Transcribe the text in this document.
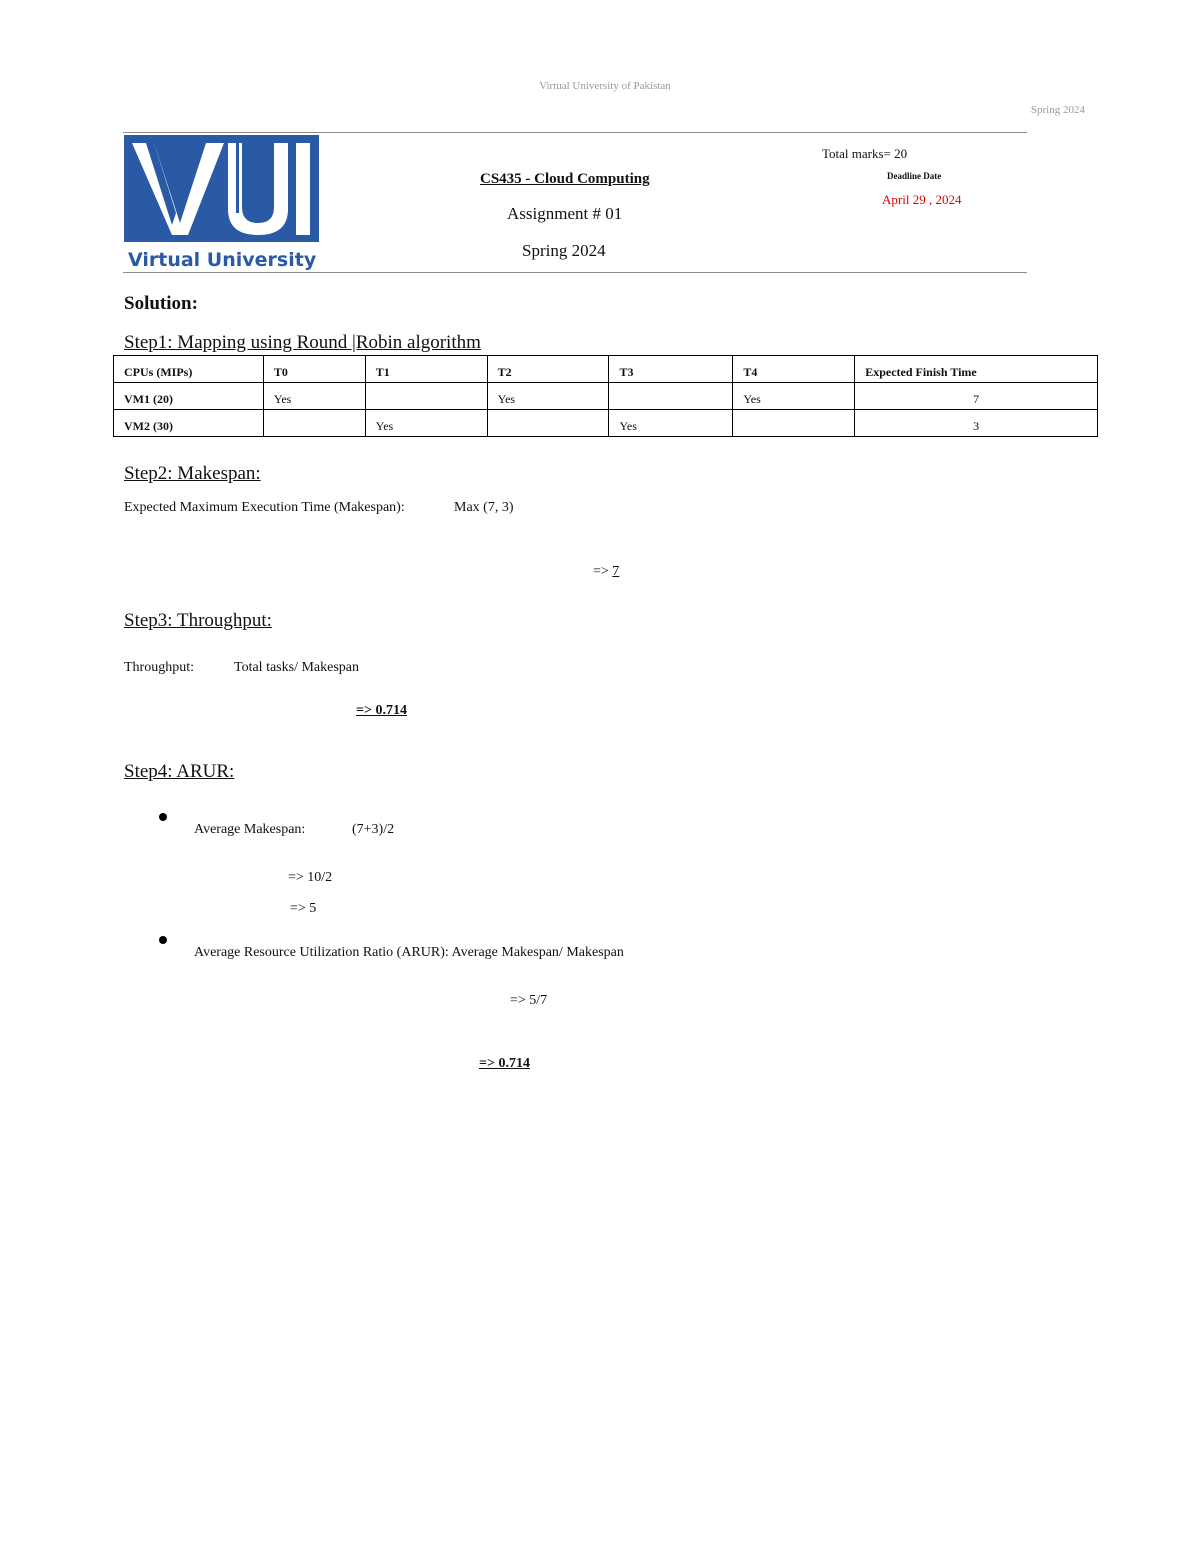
Virtual University of Pakistan
Spring 2024
Virtual University
CS435 - Cloud Computing
Assignment # 01
Spring 2024
Total marks= 20
Deadline Date
April 29 , 2024
Solution:
Step1: Mapping using Round |Robin algorithm
CPUs (MIPs)	T0	T1	T2	T3	T4	Expected Finish Time
VM1 (20)	Yes		Yes		Yes	7
VM2 (30)		Yes		Yes		3
Step2: Makespan:
Expected Maximum Execution Time (Makespan):	Max (7, 3)
=> 7
Step3: Throughput:
Throughput:	Total tasks/ Makespan
=> 0.714
Step4: ARUR:
Average Makespan:	(7+3)/2
=> 10/2
=> 5
Average Resource Utilization Ratio (ARUR): Average Makespan/ Makespan
=> 5/7
=> 0.714
